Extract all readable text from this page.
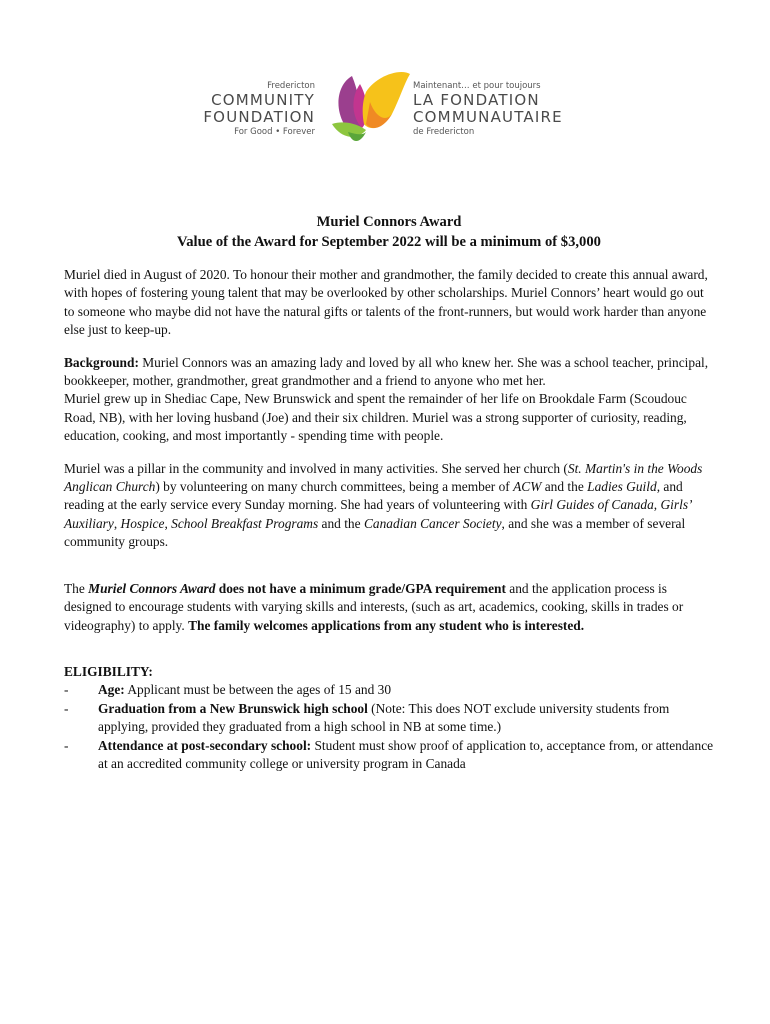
Fredericton
COMMUNITY
FOUNDATION
For Good • Forever
Maintenant… et pour toujours
LA FONDATION
COMMUNAUTAIRE
de Fredericton

Muriel Connors Award

Value of the Award for September 2022 will be a minimum of $3,000

Muriel died in August of 2020. To honour their mother and grandmother, the family decided to create this annual award, with hopes of fostering young talent that may be overlooked by other scholarships. Muriel Connors’ heart would go out to someone who maybe did not have the natural gifts or talents of the front-runners, but would work harder than anyone else just to keep-up.

Background: Muriel Connors was an amazing lady and loved by all who knew her. She was a school teacher, principal, bookkeeper, mother, grandmother, great grandmother and a friend to anyone who met her.

Muriel grew up in Shediac Cape, New Brunswick and spent the remainder of her life on Brookdale Farm (Scoudouc Road, NB), with her loving husband (Joe) and their six children. Muriel was a strong supporter of curiosity, reading, education, cooking, and most importantly - spending time with people.

Muriel was a pillar in the community and involved in many activities. She served her church (St. Martin's in the Woods Anglican Church) by volunteering on many church committees, being a member of ACW and the Ladies Guild, and reading at the early service every Sunday morning. She had years of volunteering with Girl Guides of Canada, Girls’ Auxiliary, Hospice, School Breakfast Programs and the Canadian Cancer Society, and she was a member of several community groups.

The Muriel Connors Award does not have a minimum grade/GPA requirement and the application process is designed to encourage students with varying skills and interests, (such as art, academics, cooking, skills in trades or videography) to apply. The family welcomes applications from any student who is interested.

ELIGIBILITY:

- Age: Applicant must be between the ages of 15 and 30
- Graduation from a New Brunswick high school (Note: This does NOT exclude university students from applying, provided they graduated from a high school in NB at some time.)
- Attendance at post-secondary school: Student must show proof of application to, acceptance from, or attendance at an accredited community college or university program in Canada
